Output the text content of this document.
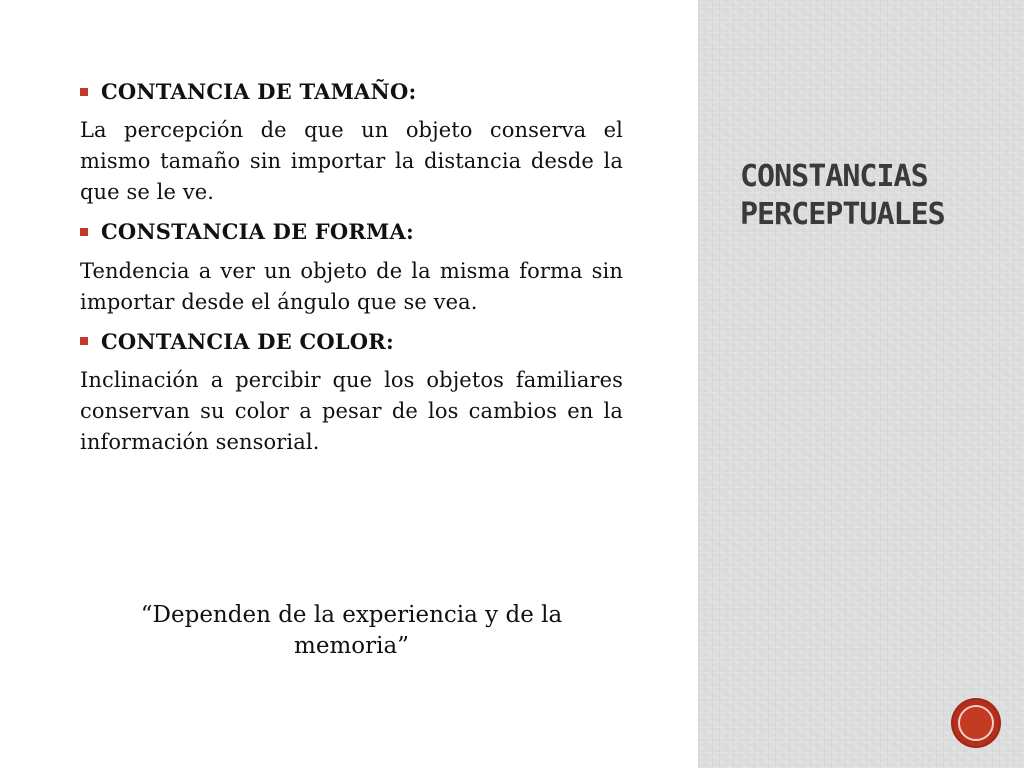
CONTANCIA DE TAMAÑO:

La percepción de que un objeto conserva el mismo tamaño sin importar la distancia desde la que se le ve.

CONSTANCIA DE FORMA:

Tendencia a ver un objeto de la misma forma sin importar desde el ángulo que se vea.

CONTANCIA DE COLOR:

Inclinación a percibir que los objetos familiares conservan su color a pesar de los cambios en la información sensorial.

“Dependen de la experiencia y de la memoria”
CONSTANCIAS
PERCEPTUALES
